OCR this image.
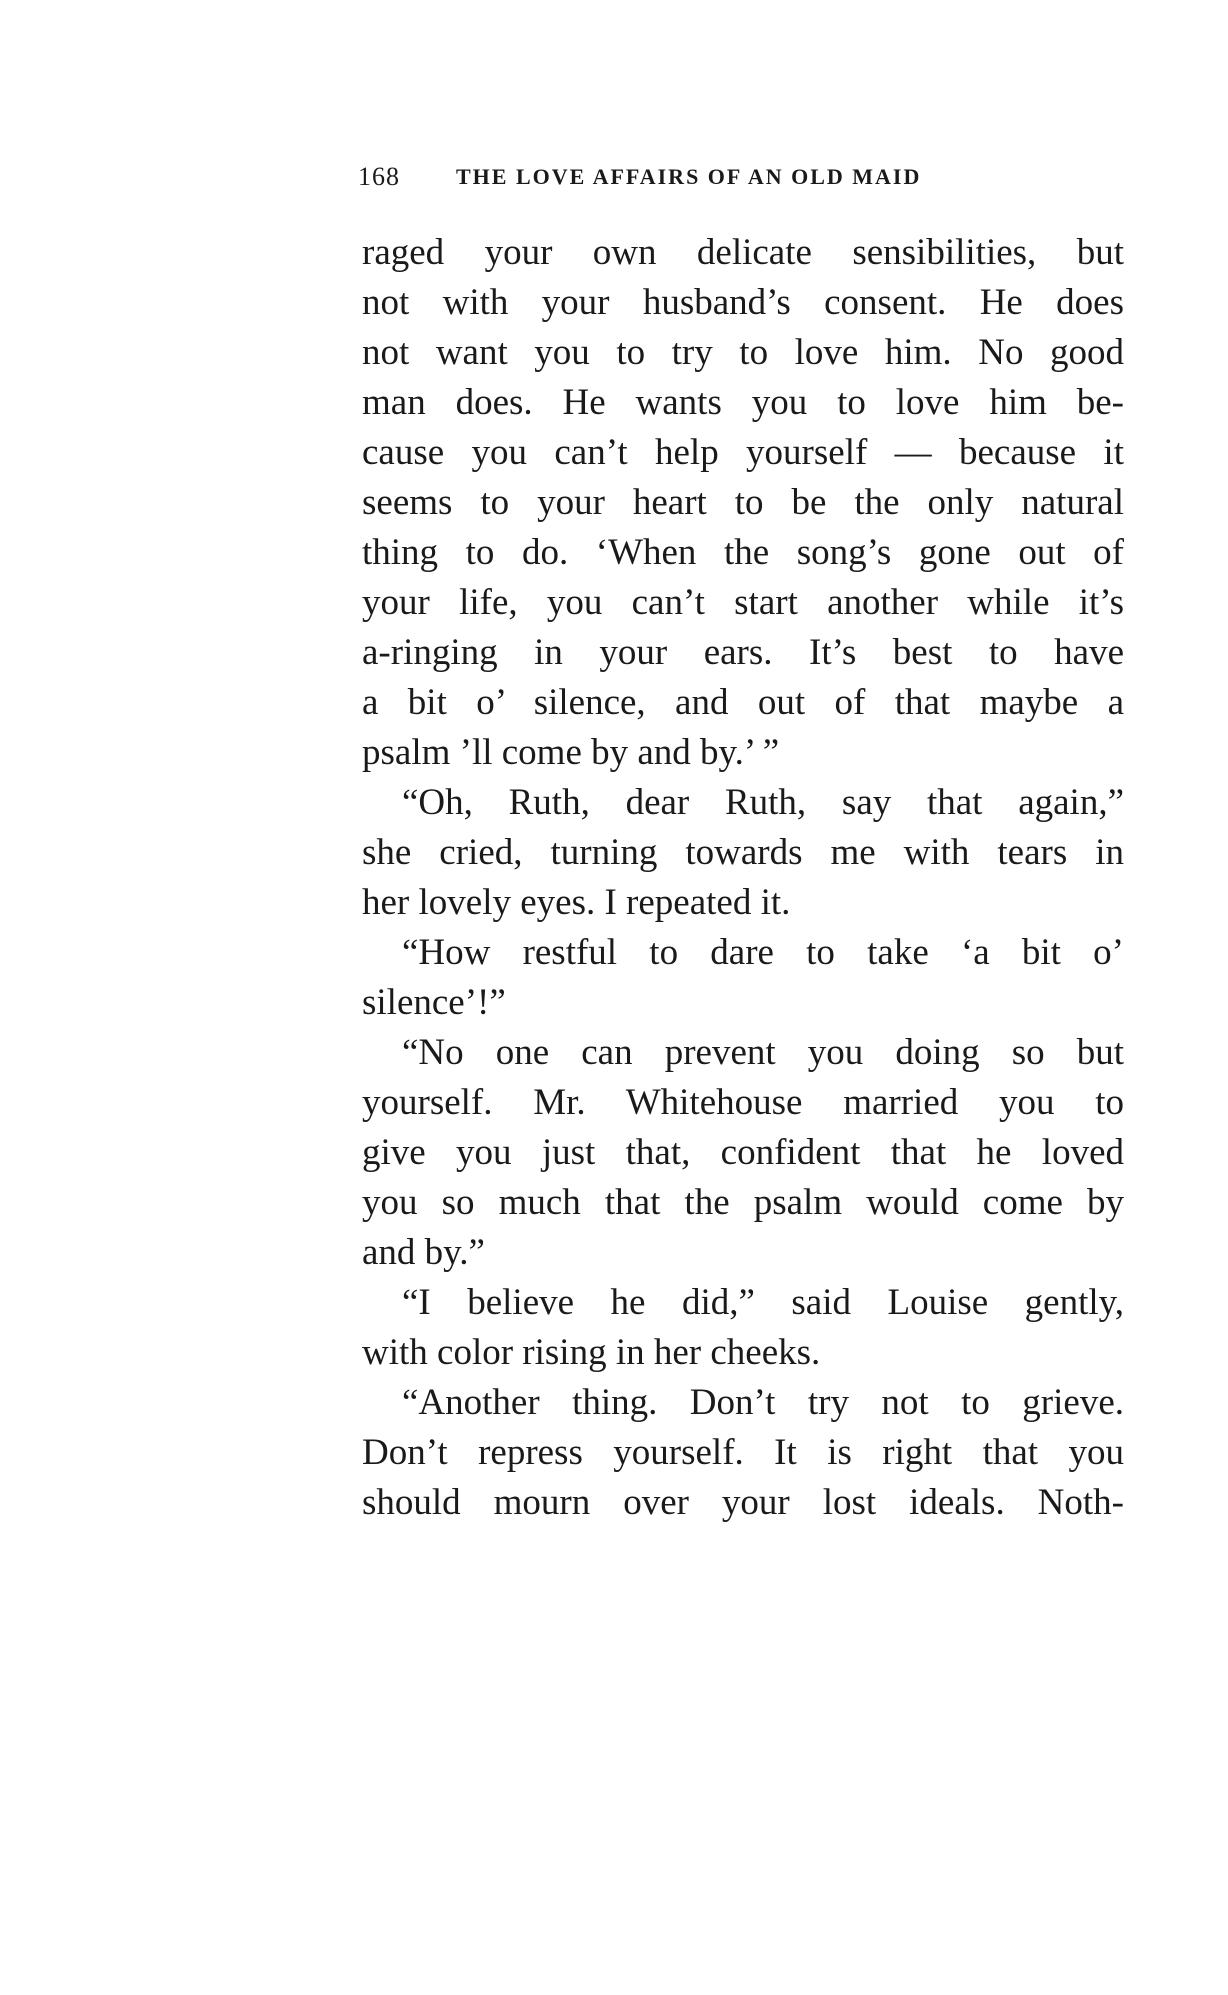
168	THE LOVE AFFAIRS OF AN OLD MAID
raged your own delicate sensibilities, but
not with your husband’s consent. He does
not want you to try to love him. No good
man does. He wants you to love him be-
cause you can’t help yourself — because it
seems to your heart to be the only natural
thing to do. ‘When the song’s gone out of
your life, you can’t start another while it’s
a-ringing in your ears. It’s best to have
a bit o’ silence, and out of that maybe a
psalm ’ll come by and by.’ ”
“Oh, Ruth, dear Ruth, say that again,”
she cried, turning towards me with tears in
her lovely eyes. I repeated it.
“How restful to dare to take ‘a bit o’
silence’!”
“No one can prevent you doing so but
yourself. Mr. Whitehouse married you to
give you just that, confident that he loved
you so much that the psalm would come by
and by.”
“I believe he did,” said Louise gently,
with color rising in her cheeks.
“Another thing. Don’t try not to grieve.
Don’t repress yourself. It is right that you
should mourn over your lost ideals. Noth-
